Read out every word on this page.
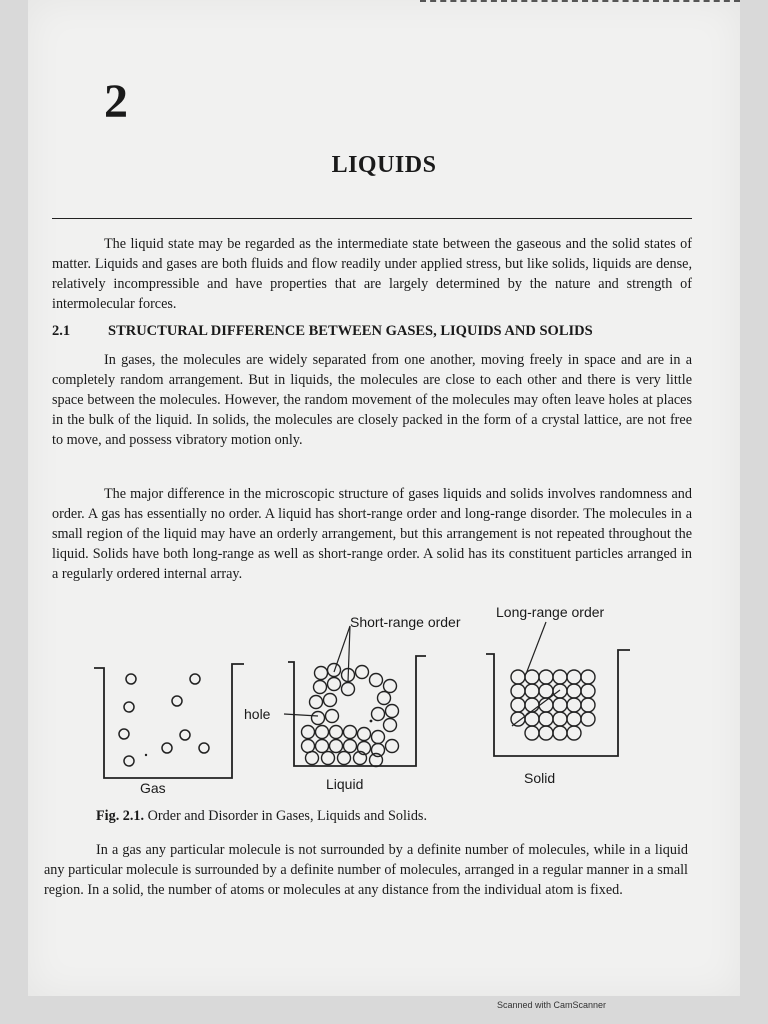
2
LIQUIDS

The liquid state may be regarded as the intermediate state between the gaseous and the solid states of matter. Liquids and gases are both fluids and flow readily under applied stress, but like solids, liquids are dense, relatively incompressible and have properties that are largely determined by the nature and strength of intermolecular forces.

2.1	STRUCTURAL DIFFERENCE BETWEEN GASES, LIQUIDS AND SOLIDS

In gases, the molecules are widely separated from one another, moving freely in space and are in a completely random arrangement. But in liquids, the molecules are close to each other and there is very little space between the molecules. However, the random movement of the molecules may often leave holes at places in the bulk of the liquid. In solids, the molecules are closely packed in the form of a crystal lattice, are not free to move, and possess vibratory motion only.

The major difference in the microscopic structure of gases liquids and solids involves randomness and order. A gas has essentially no order. A liquid has short-range order and long-range disorder. The molecules in a small region of the liquid may have an orderly arrangement, but this arrangement is not repeated throughout the liquid. Solids have both long-range as well as short-range order. A solid has its constituent particles arranged in a regularly ordered internal array.

Short-range order
Long-range order
hole
Gas	Liquid	Solid
Fig. 2.1. Order and Disorder in Gases, Liquids and Solids.

In a gas any particular molecule is not surrounded by a definite number of molecules, while in a liquid any particular molecule is surrounded by a definite number of molecules, arranged in a regular manner in a small region. In a solid, the number of atoms or molecules at any distance from the individual atom is fixed.

Scanned with CamScanner
